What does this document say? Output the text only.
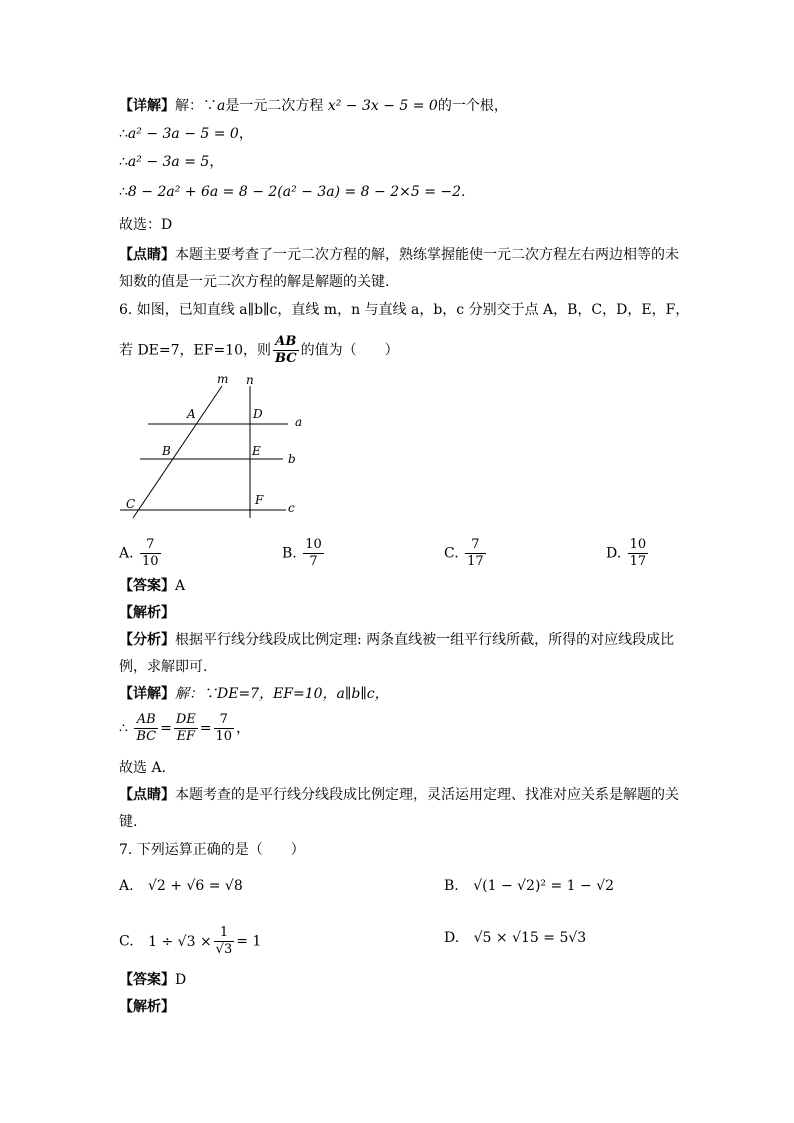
【详解】解：∵a是一元二次方程 x² − 3x − 5 = 0的一个根，
∴a² − 3a − 5 = 0，
∴a² − 3a = 5，
∴8 − 2a² + 6a = 8 − 2(a² − 3a) = 8 − 2×5 = −2.
故选：D
【点睛】本题主要考查了一元二次方程的解，熟练掌握能使一元二次方程左右两边相等的未
知数的值是一元二次方程的解是解题的关键.
6. 如图，已知直线 a∥b∥c，直线 m，n 与直线 a，b，c 分别交于点 A，B，C，D，E，F，
若 DE=7，EF=10，则 $\frac{AB}{BC}$ 的值为（　　）
m n
A	D
a
B	E
b
C	F
c
A. $\frac{7}{10}$	B. $\frac{10}{7}$	C. $\frac{7}{17}$	D. $\frac{10}{17}$
【答案】A
【解析】
【分析】根据平行线分线段成比例定理: 两条直线被一组平行线所截，所得的对应线段成比
例，求解即可.
【详解】解：∵DE=7，EF=10，a∥b∥c，
∴ $\frac{AB}{BC} = \frac{DE}{EF} = \frac{7}{10}$ ，
故选 A.
【点睛】本题考查的是平行线分线段成比例定理，灵活运用定理、找准对应关系是解题的关
键.
7. 下列运算正确的是（　　）
A. √2 + √6 = √8	B. √(1 − √2)² = 1 − √2
C. $1 \div √3 \times \frac{1}{√3} = 1$	D. √5 × √15 = 5√3
【答案】D
【解析】
